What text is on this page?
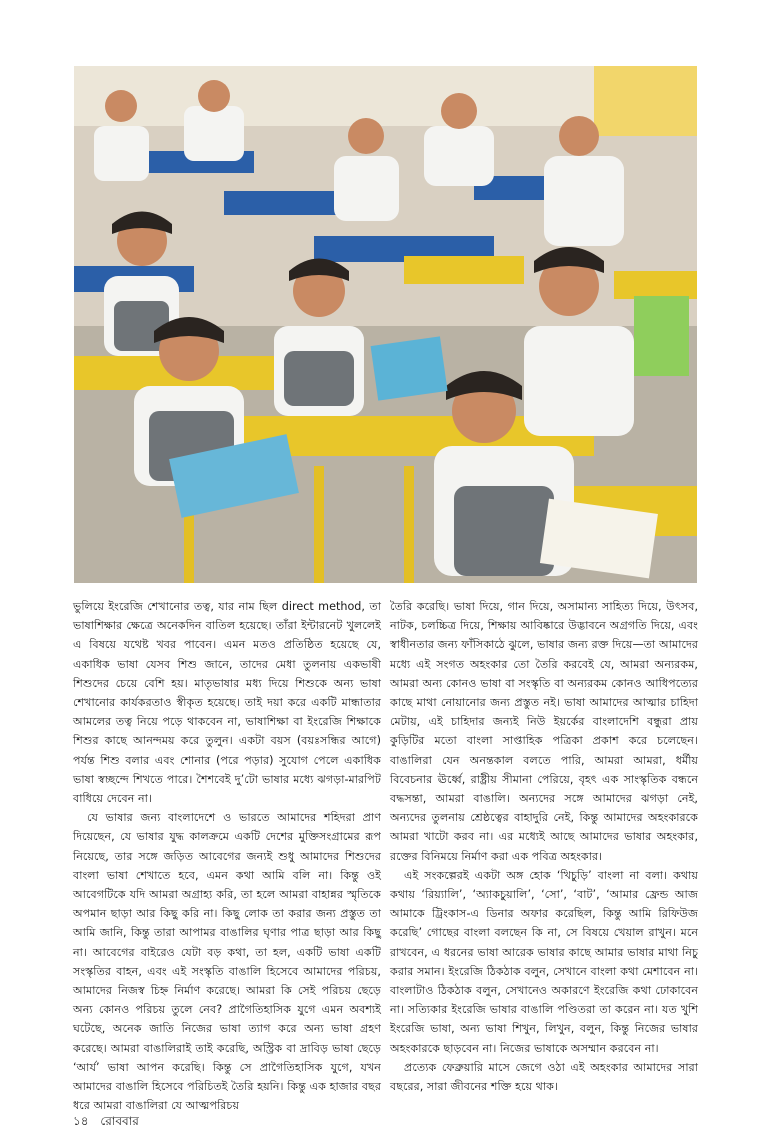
ভুলিয়ে ইংরেজি শেখানোর তত্ব, যার নাম ছিল direct method, তা ভাষাশিক্ষার ক্ষেত্রে অনেকদিন বাতিল হয়েছে। তাঁরা ইন্টারনেট খুললেই এ বিষয়ে যথেষ্ট খবর পাবেন। এমন মতও প্রতিষ্ঠিত হয়েছে যে, একাধিক ভাষা যেসব শিশু জানে, তাদের মেধা তুলনায় একভাষী শিশুদের চেয়ে বেশি হয়। মাতৃভাষার মধ্য দিয়ে শিশুকে অন্য ভাষা শেখানোর কার্যকরতাও স্বীকৃত হয়েছে। তাই দয়া করে একটি মান্ধাতার আমলের তত্ব নিয়ে পড়ে থাকবেন না, ভাষাশিক্ষা বা ইংরেজি শিক্ষাকে শিশুর কাছে আনন্দময় করে তুলুন। একটা বয়স (বয়ঃসন্ধির আগে) পর্যন্ত শিশু বলার এবং শোনার (পরে পড়ার) সুযোগ পেলে একাধিক ভাষা স্বচ্ছন্দে শিখতে পারে। শৈশবেই দু’টো ভাষার মধ্যে ঝগড়া-মারপিট বাধিয়ে দেবেন না।

যে ভাষার জন্য বাংলাদেশে ও ভারতে আমাদের শহিদরা প্রাণ দিয়েছেন, যে ভাষার যুদ্ধ কালক্রমে একটি দেশের মুক্তিসংগ্রামের রূপ নিয়েছে, তার সঙ্গে জড়িত আবেগের জন্যই শুধু আমাদের শিশুদের বাংলা ভাষা শেখাতে হবে, এমন কথা আমি বলি না। কিন্তু ওই আবেগটিকে যদি আমরা অগ্রাহ্য করি, তা হলে আমরা বাহান্নর স্মৃতিকে অপমান ছাড়া আর কিছু করি না। কিছু লোক তা করার জন্য প্রস্তুত তা আমি জানি, কিন্তু তারা আপামর বাঙালির ঘৃণার পাত্র ছাড়া আর কিছু না। আবেগের বাইরেও যেটা বড় কথা, তা হল, একটি ভাষা একটি সংস্কৃতির বাহন, এবং এই সংস্কৃতি বাঙালি হিসেবে আমাদের পরিচয়, আমাদের নিজস্ব চিহ্ন নির্মাণ করেছে। আমরা কি সেই পরিচয় ছেড়ে অন্য কোনও পরিচয় তুলে নেব? প্রাগৈতিহাসিক যুগে এমন অবশ্যই ঘটেছে, অনেক জাতি নিজের ভাষা ত্যাগ করে অন্য ভাষা গ্রহণ করেছে। আমরা বাঙালিরাই তাই করেছি, অস্ট্রিক বা দ্রাবিড় ভাষা ছেড়ে ‘আর্য’ ভাষা আপন করেছি। কিন্তু সে প্রাগৈতিহাসিক যুগে, যখন আমাদের বাঙালি হিসেবে পরিচিতই তৈরি হয়নি। কিন্তু এক হাজার বছর ধরে আমরা বাঙালিরা যে আত্মপরিচয়

তৈরি করেছি। ভাষা দিয়ে, গান দিয়ে, অসামান্য সাহিত্য দিয়ে, উৎসব, নাটক, চলচ্চিত্র দিয়ে, শিক্ষায় আবিষ্কারে উদ্ভাবনে অগ্রগতি দিয়ে, এবং স্বাধীনতার জন্য ফাঁসিকাঠে ঝুলে, ভাষার জন্য রক্ত দিয়ে—তা আমাদের মধ্যে এই সংগত অহংকার তো তৈরি করবেই যে, আমরা অন্যরকম, আমরা অন্য কোনও ভাষা বা সংস্কৃতি বা অন্যরকম কোনও আধিপত্যের কাছে মাথা নোয়ানোর জন্য প্রস্তুত নই। ভাষা আমাদের আত্মার চাহিদা মেটায়, এই চাহিদার জন্যই নিউ ইয়র্কের বাংলাদেশি বন্ধুরা প্রায় কুড়িটির মতো বাংলা সাপ্তাহিক পত্রিকা প্রকাশ করে চলেছেন। বাঙালিরা যেন অনন্তকাল বলতে পারি, আমরা আমরা, ধর্মীয় বিবেচনার ঊর্ধ্বে, রাষ্ট্রীয় সীমানা পেরিয়ে, বৃহৎ এক সাংস্কৃতিক বন্ধনে বদ্ধসন্তা, আমরা বাঙালি। অন্যদের সঙ্গে আমাদের ঝগড়া নেই, অন্যদের তুলনায় শ্রেষ্ঠত্বের বাহাদুরি নেই, কিন্তু আমাদের অহংকারকে আমরা খাটো করব না। এর মধ্যেই আছে আমাদের ভাষার অহংকার, রক্তের বিনিময়ে নির্মাণ করা এক পবিত্র অহংকার।

এই সংকল্পেরই একটা অঙ্গ হোক ‘খিচুড়ি’ বাংলা না বলা। কথায় কথায় ‘রিয়্যালি’, ‘অ্যাকচুয়ালি’, ‘সো’, ‘বাট’, ‘আমার ফ্রেন্ড আজ আমাকে ট্রিংকাস-এ ডিনার অফার করেছিল, কিন্তু আমি রিফিউজ করেছি’ গোছের বাংলা বলছেন কি না, সে বিষয়ে খেয়াল রাখুন। মনে রাখবেন, এ ধরনের ভাষা আরেক ভাষার কাছে আমার ভাষার মাথা নিচু করার সমান। ইংরেজি ঠিকঠাক বলুন, সেখানে বাংলা কথা মেশাবেন না। বাংলাটাও ঠিকঠাক বলুন, সেখানেও অকারণে ইংরেজি কথা ঢোকাবেন না। সত্যিকার ইংরেজি ভাষার বাঙালি পণ্ডিতরা তা করেন না। যত খুশি ইংরেজি ভাষা, অন্য ভাষা শিখুন, লিখুন, বলুন, কিন্তু নিজের ভাষার অহংকারকে ছাড়বেন না। নিজের ভাষাকে অসম্মান করবেন না।

প্রত্যেক ফেব্রুয়ারি মাসে জেগে ওঠা এই অহংকার আমাদের সারা বছরের, সারা জীবনের শক্তি হয়ে থাক।

১৪ রোববার
